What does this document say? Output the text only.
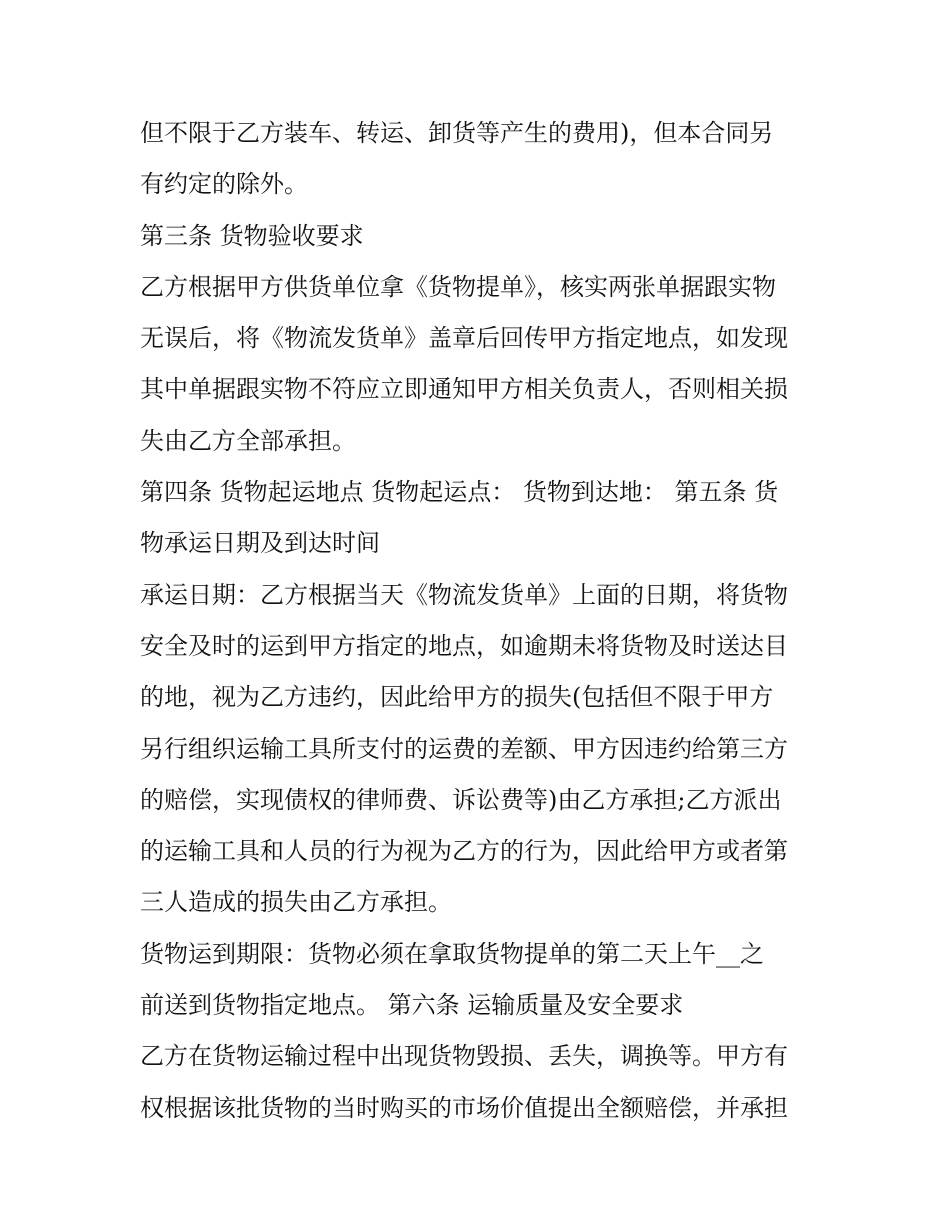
但不限于乙方装车、转运、卸货等产生的费用)，但本合同另
有约定的除外。
第三条 货物验收要求
乙方根据甲方供货单位拿《货物提单》，核实两张单据跟实物
无误后，将《物流发货单》盖章后回传甲方指定地点，如发现
其中单据跟实物不符应立即通知甲方相关负责人，否则相关损
失由乙方全部承担。
第四条 货物起运地点 货物起运点： 货物到达地： 第五条 货
物承运日期及到达时间
承运日期：乙方根据当天《物流发货单》上面的日期，将货物
安全及时的运到甲方指定的地点，如逾期未将货物及时送达目
的地，视为乙方违约，因此给甲方的损失(包括但不限于甲方
另行组织运输工具所支付的运费的差额、甲方因违约给第三方
的赔偿，实现债权的律师费、诉讼费等)由乙方承担;乙方派出
的运输工具和人员的行为视为乙方的行为，因此给甲方或者第
三人造成的损失由乙方承担。
货物运到期限：货物必须在拿取货物提单的第二天上午__之
前送到货物指定地点。 第六条 运输质量及安全要求
乙方在货物运输过程中出现货物毁损、丢失，调换等。甲方有
权根据该批货物的当时购买的市场价值提出全额赔偿，并承担
